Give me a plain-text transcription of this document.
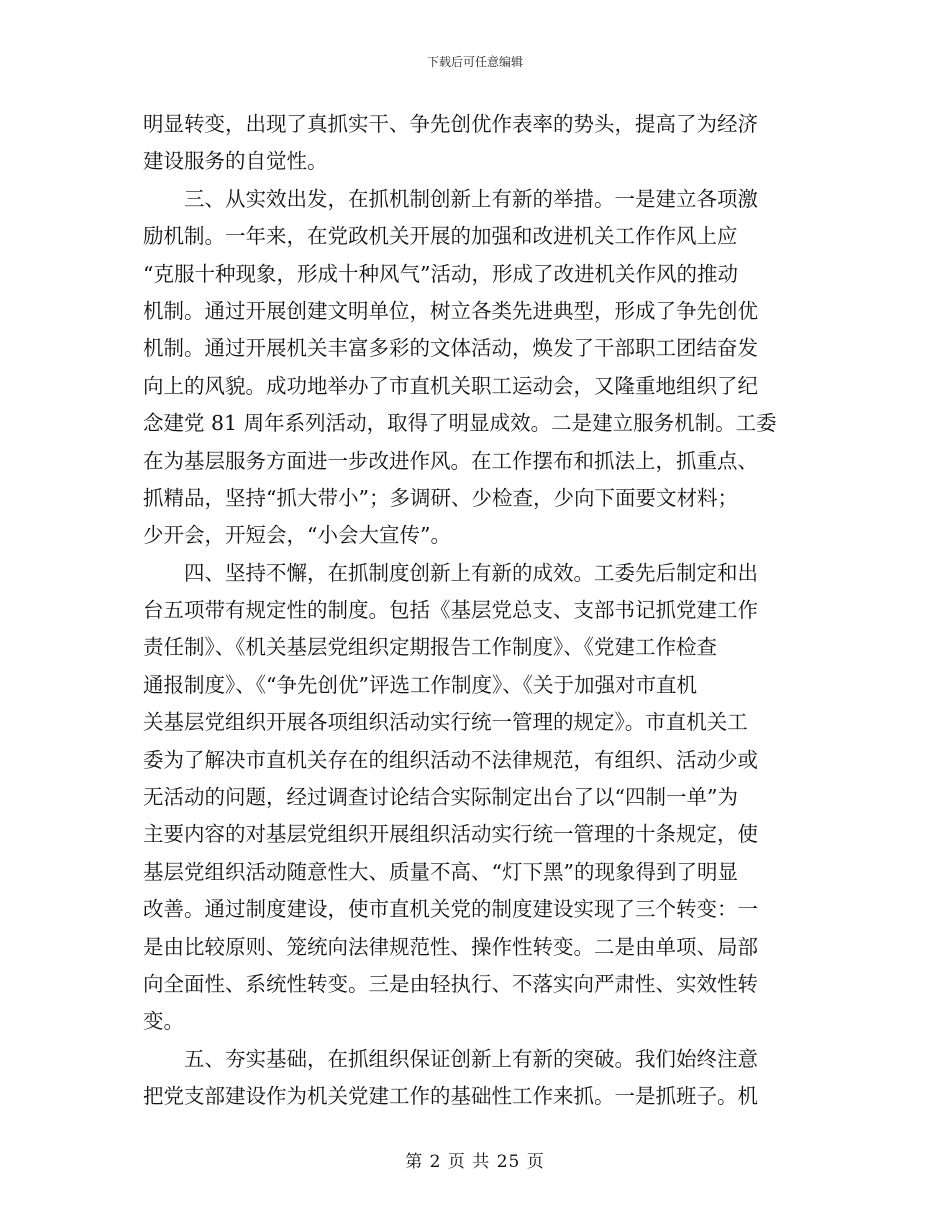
下载后可任意编辑
明显转变，出现了真抓实干、争先创优作表率的势头，提高了为经济
建设服务的自觉性。
　　三、从实效出发，在抓机制创新上有新的举措。一是建立各项激
励机制。一年来，在党政机关开展的加强和改进机关工作作风上应
“克服十种现象，形成十种风气”活动，形成了改进机关作风的推动
机制。通过开展创建文明单位，树立各类先进典型，形成了争先创优
机制。通过开展机关丰富多彩的文体活动，焕发了干部职工团结奋发
向上的风貌。成功地举办了市直机关职工运动会，又隆重地组织了纪
念建党 81 周年系列活动，取得了明显成效。二是建立服务机制。工委
在为基层服务方面进一步改进作风。在工作摆布和抓法上，抓重点、
抓精品，坚持“抓大带小”；多调研、少检查，少向下面要文材料；
少开会，开短会，“小会大宣传”。
　　四、坚持不懈，在抓制度创新上有新的成效。工委先后制定和出
台五项带有规定性的制度。包括《基层党总支、支部书记抓党建工作
责任制》、《机关基层党组织定期报告工作制度》、《党建工作检查
通报制度》、《“争先创优”评选工作制度》、《关于加强对市直机
关基层党组织开展各项组织活动实行统一管理的规定》。市直机关工
委为了解决市直机关存在的组织活动不法律规范，有组织、活动少或
无活动的问题，经过调查讨论结合实际制定出台了以“四制一单”为
主要内容的对基层党组织开展组织活动实行统一管理的十条规定，使
基层党组织活动随意性大、质量不高、“灯下黑”的现象得到了明显
改善。通过制度建设，使市直机关党的制度建设实现了三个转变：一
是由比较原则、笼统向法律规范性、操作性转变。二是由单项、局部
向全面性、系统性转变。三是由轻执行、不落实向严肃性、实效性转
变。
　　五、夯实基础，在抓组织保证创新上有新的突破。我们始终注意
把党支部建设作为机关党建工作的基础性工作来抓。一是抓班子。机
第 2 页 共 25 页
